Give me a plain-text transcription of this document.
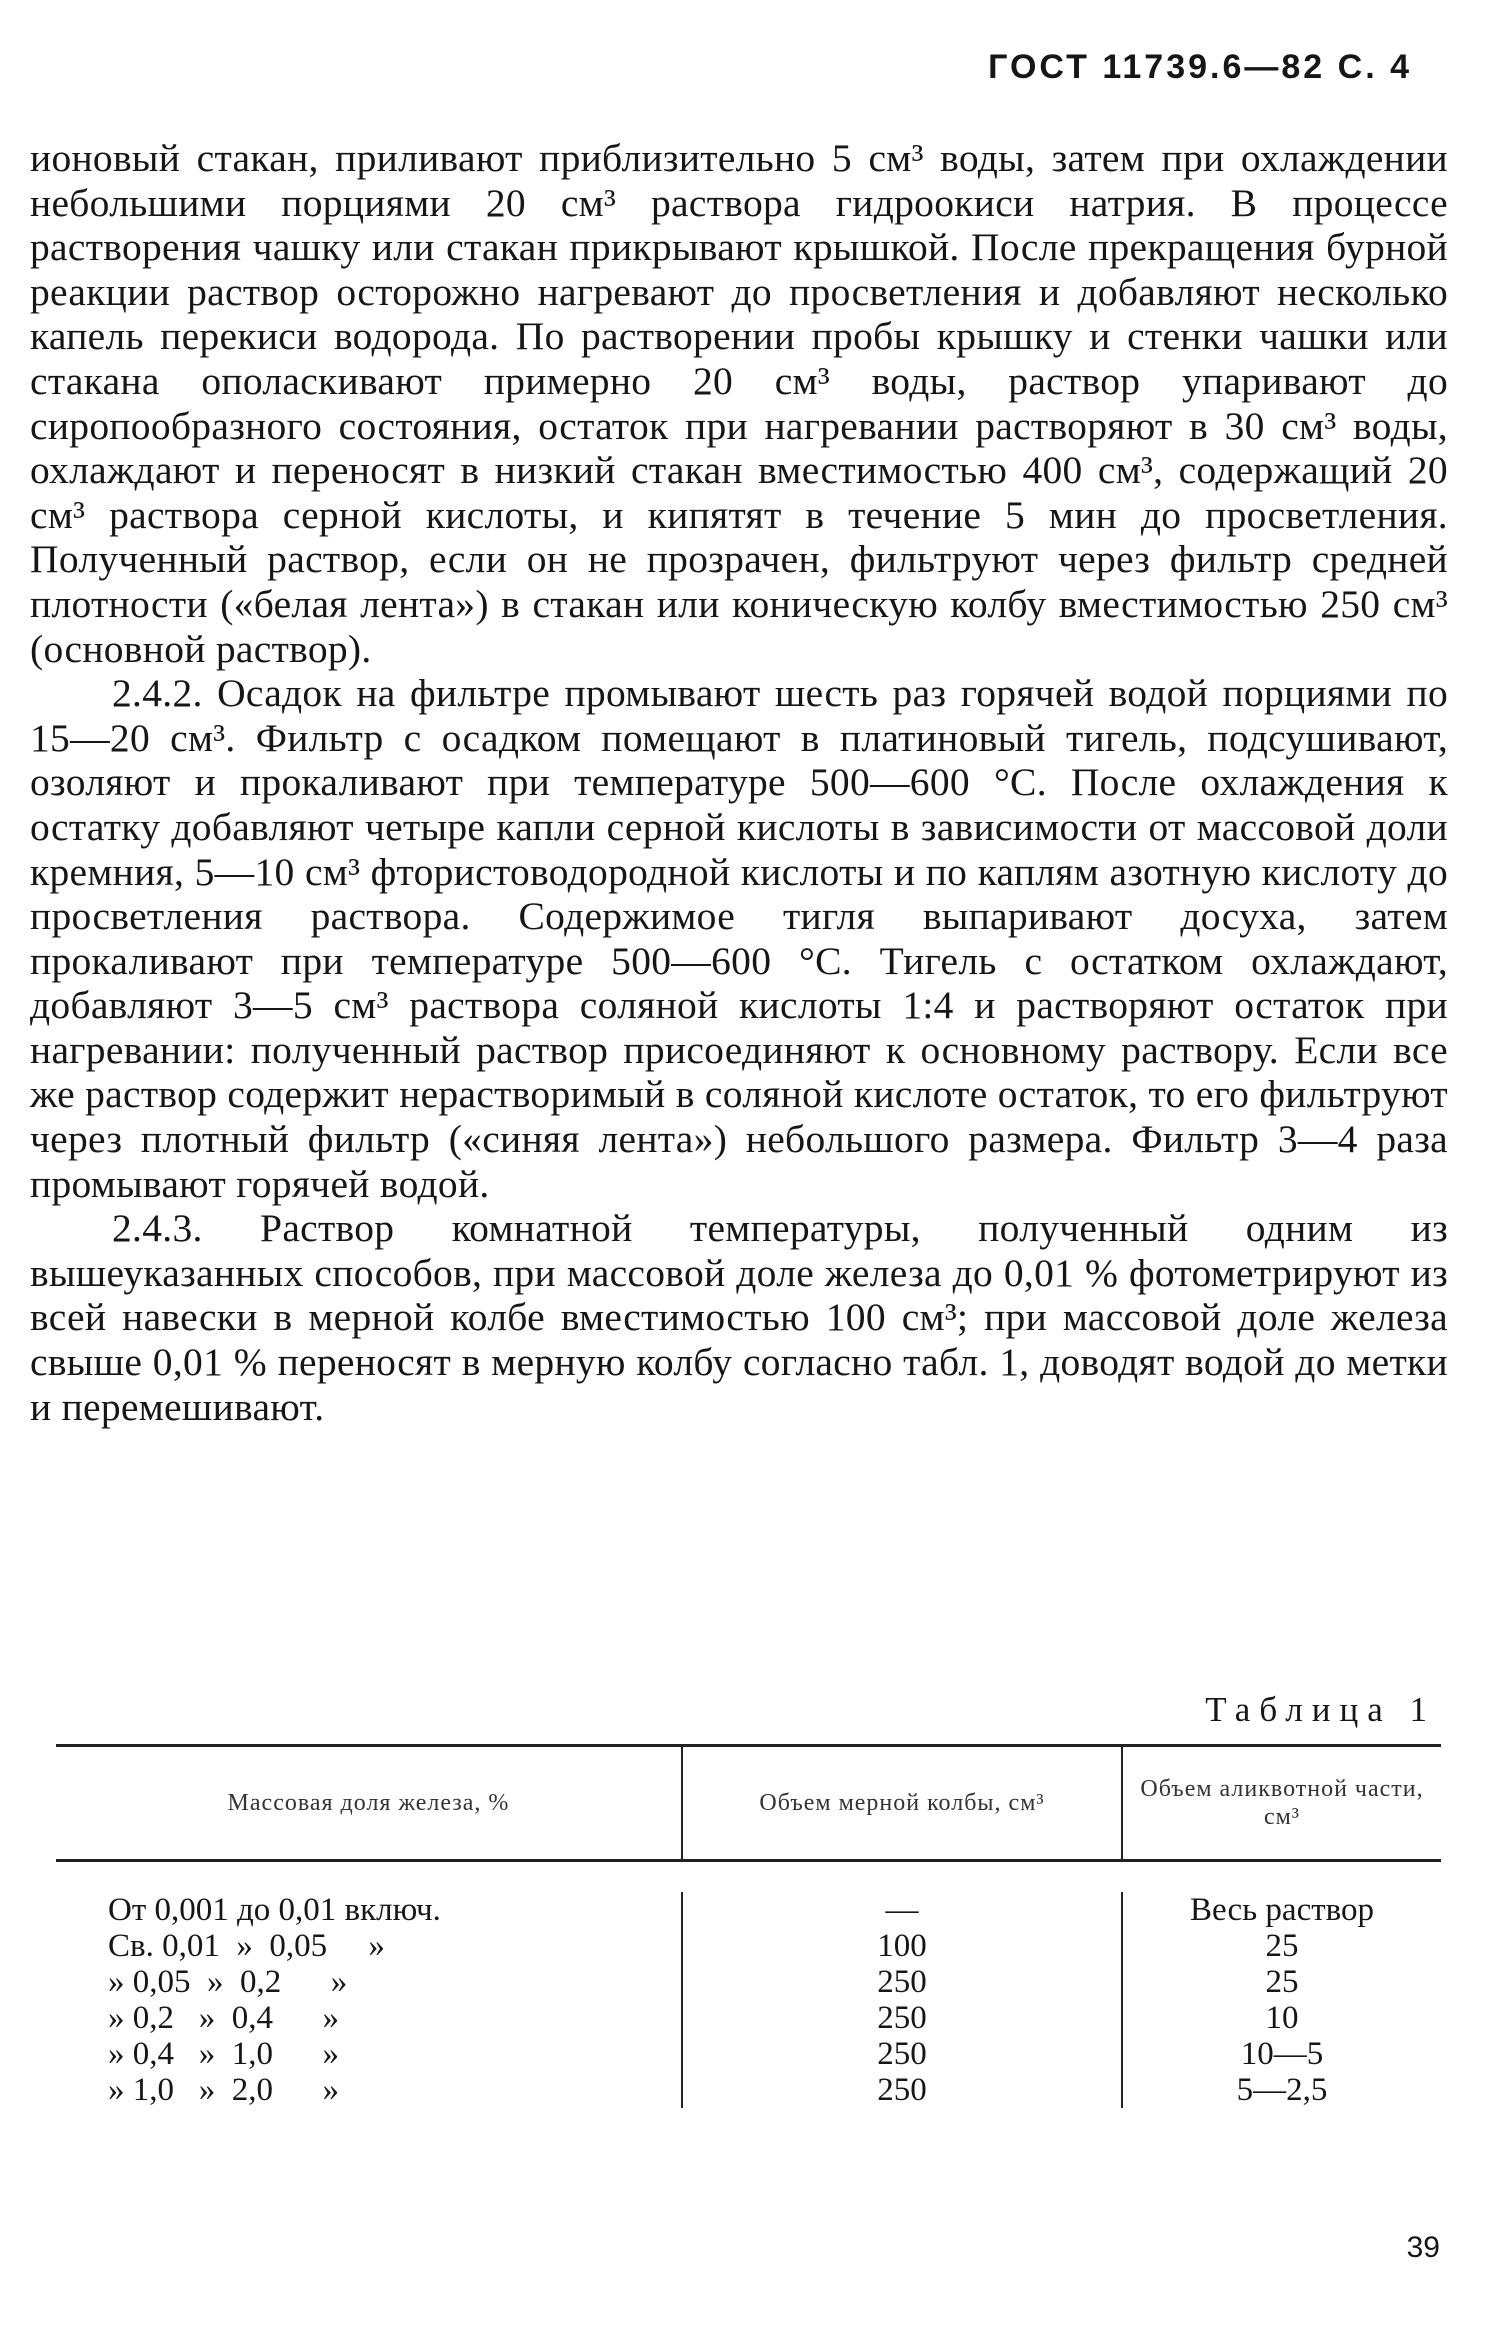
ГОСТ 11739.6—82 С. 4

ионовый стакан, приливают приблизительно 5 см³ воды, затем при охлаждении небольшими порциями 20 см³ раствора гидроокиси натрия. В процессе растворения чашку или стакан прикрывают крышкой. После прекращения бурной реакции раствор осторожно нагревают до просветления и добавляют несколько капель перекиси водорода. По растворении пробы крышку и стенки чашки или стакана ополаскивают примерно 20 см³ воды, раствор упаривают до сиропообразного состояния, остаток при нагревании растворяют в 30 см³ воды, охлаждают и переносят в низкий стакан вместимостью 400 см³, содержащий 20 см³ раствора серной кислоты, и кипятят в течение 5 мин до просветления. Полученный раствор, если он не прозрачен, фильтруют через фильтр средней плотности («белая лента») в стакан или коническую колбу вместимостью 250 см³ (основной раствор).

2.4.2. Осадок на фильтре промывают шесть раз горячей водой порциями по 15—20 см³. Фильтр с осадком помещают в платиновый тигель, подсушивают, озоляют и прокаливают при температуре 500—600 °С. После охлаждения к остатку добавляют четыре капли серной кислоты в зависимости от массовой доли кремния, 5—10 см³ фтористоводородной кислоты и по каплям азотную кислоту до просветления раствора. Содержимое тигля выпаривают досуха, затем прокаливают при температуре 500—600 °С. Тигель с остатком охлаждают, добавляют 3—5 см³ раствора соляной кислоты 1:4 и растворяют остаток при нагревании: полученный раствор присоединяют к основному раствору. Если все же раствор содержит нерастворимый в соляной кислоте остаток, то его фильтруют через плотный фильтр («синяя лента») небольшого размера. Фильтр 3—4 раза промывают горячей водой.

2.4.3. Раствор комнатной температуры, полученный одним из вышеуказанных способов, при массовой доле железа до 0,01 % фотометрируют из всей навески в мерной колбе вместимостью 100 см³; при массовой доле железа свыше 0,01 % переносят в мерную колбу согласно табл. 1, доводят водой до метки и перемешивают.

Таблица 1
Массовая доля железа, %	Объем мерной колбы, см³
Объем аликвотной части, см³
От 0,001 до 0,01 включ.
Св. 0,01  »  0,05     »
» 0,05  »  0,2      »
» 0,2   »  0,4      »
» 0,4   »  1,0      »
» 1,0   »  2,0      »
—
100
250
250
250
250
Весь раствор
25
25
10
10—5
5—2,5
39
